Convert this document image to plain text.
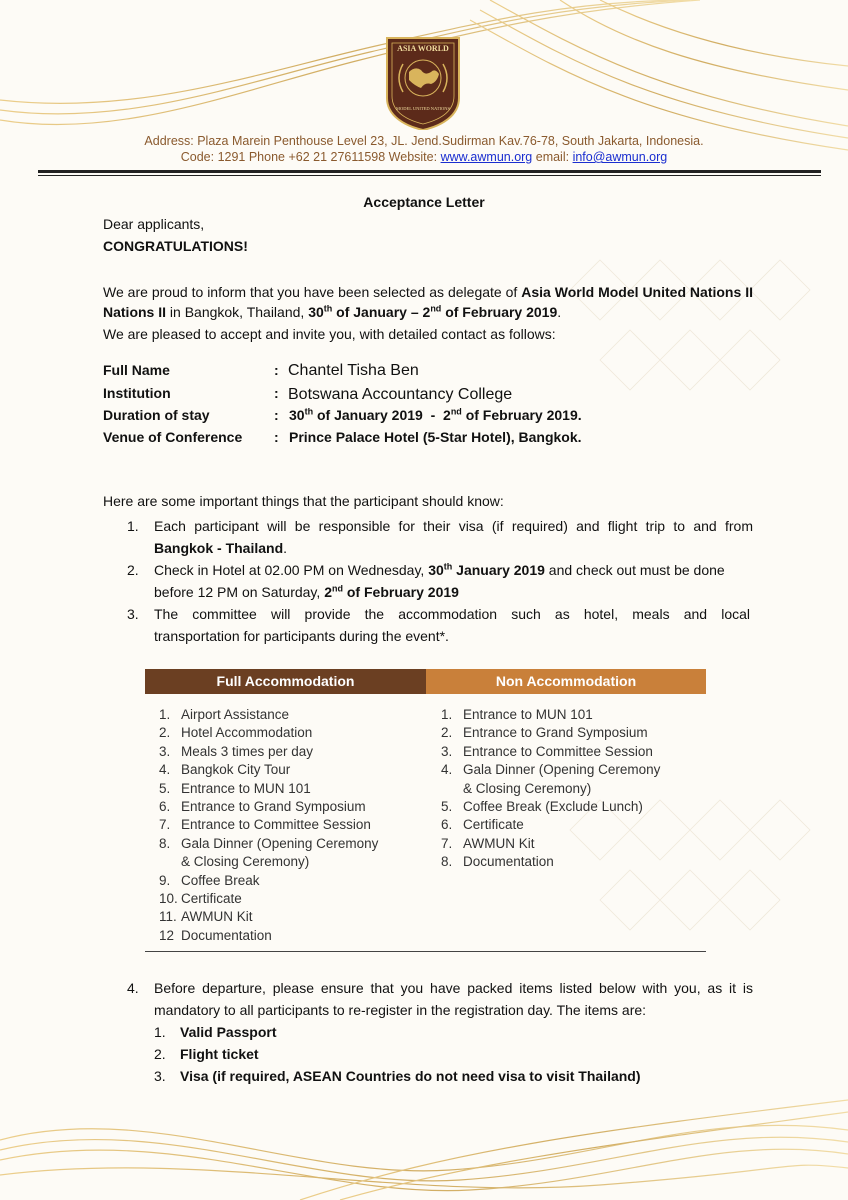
ASIA WORLD
MODEL UNITED NATIONS
Address: Plaza Marein Penthouse Level 23, JL. Jend.Sudirman Kav.76-78, South Jakarta, Indonesia.
Code: 1291 Phone +62 21 27611598 Website: www.awmun.org email: info@awmun.org
Acceptance Letter
Dear applicants,
CONGRATULATIONS!
We are proud to inform that you have been selected as delegate of Asia World Model United Nations II
Nations II in Bangkok, Thailand, 30th of January – 2nd of February 2019.
We are pleased to accept and invite you, with detailed contact as follows:
Full Name	: Chantel Tisha Ben
Institution	: Botswana Accountancy College
Duration of stay	: 30th of January 2019  -  2nd of February 2019.
Venue of Conference : Prince Palace Hotel (5-Star Hotel), Bangkok.
Here are some important things that the participant should know:
1. Each participant will be responsible for their visa (if required) and flight trip to and from
Bangkok - Thailand.
2. Check in Hotel at 02.00 PM on Wednesday, 30th January 2019 and check out must be done
before 12 PM on Saturday, 2nd of February 2019
3. The committee will provide the accommodation such as hotel, meals and local
transportation for participants during the event*.
Full Accommodation	Non Accommodation
1. Airport Assistance
2. Hotel Accommodation
3. Meals 3 times per day
4. Bangkok City Tour
5. Entrance to MUN 101
6. Entrance to Grand Symposium
7. Entrance to Committee Session
8. Gala Dinner (Opening Ceremony
& Closing Ceremony)
9. Coffee Break
10. Certificate
11. AWMUN Kit
12 Documentation
1. Entrance to MUN 101
2. Entrance to Grand Symposium
3. Entrance to Committee Session
4. Gala Dinner (Opening Ceremony
& Closing Ceremony)
5. Coffee Break (Exclude Lunch)
6. Certificate
7. AWMUN Kit
8. Documentation
4. Before departure, please ensure that you have packed items listed below with you, as it is
mandatory to all participants to re-register in the registration day. The items are:
1. Valid Passport
2. Flight ticket
3. Visa (if required, ASEAN Countries do not need visa to visit Thailand)
